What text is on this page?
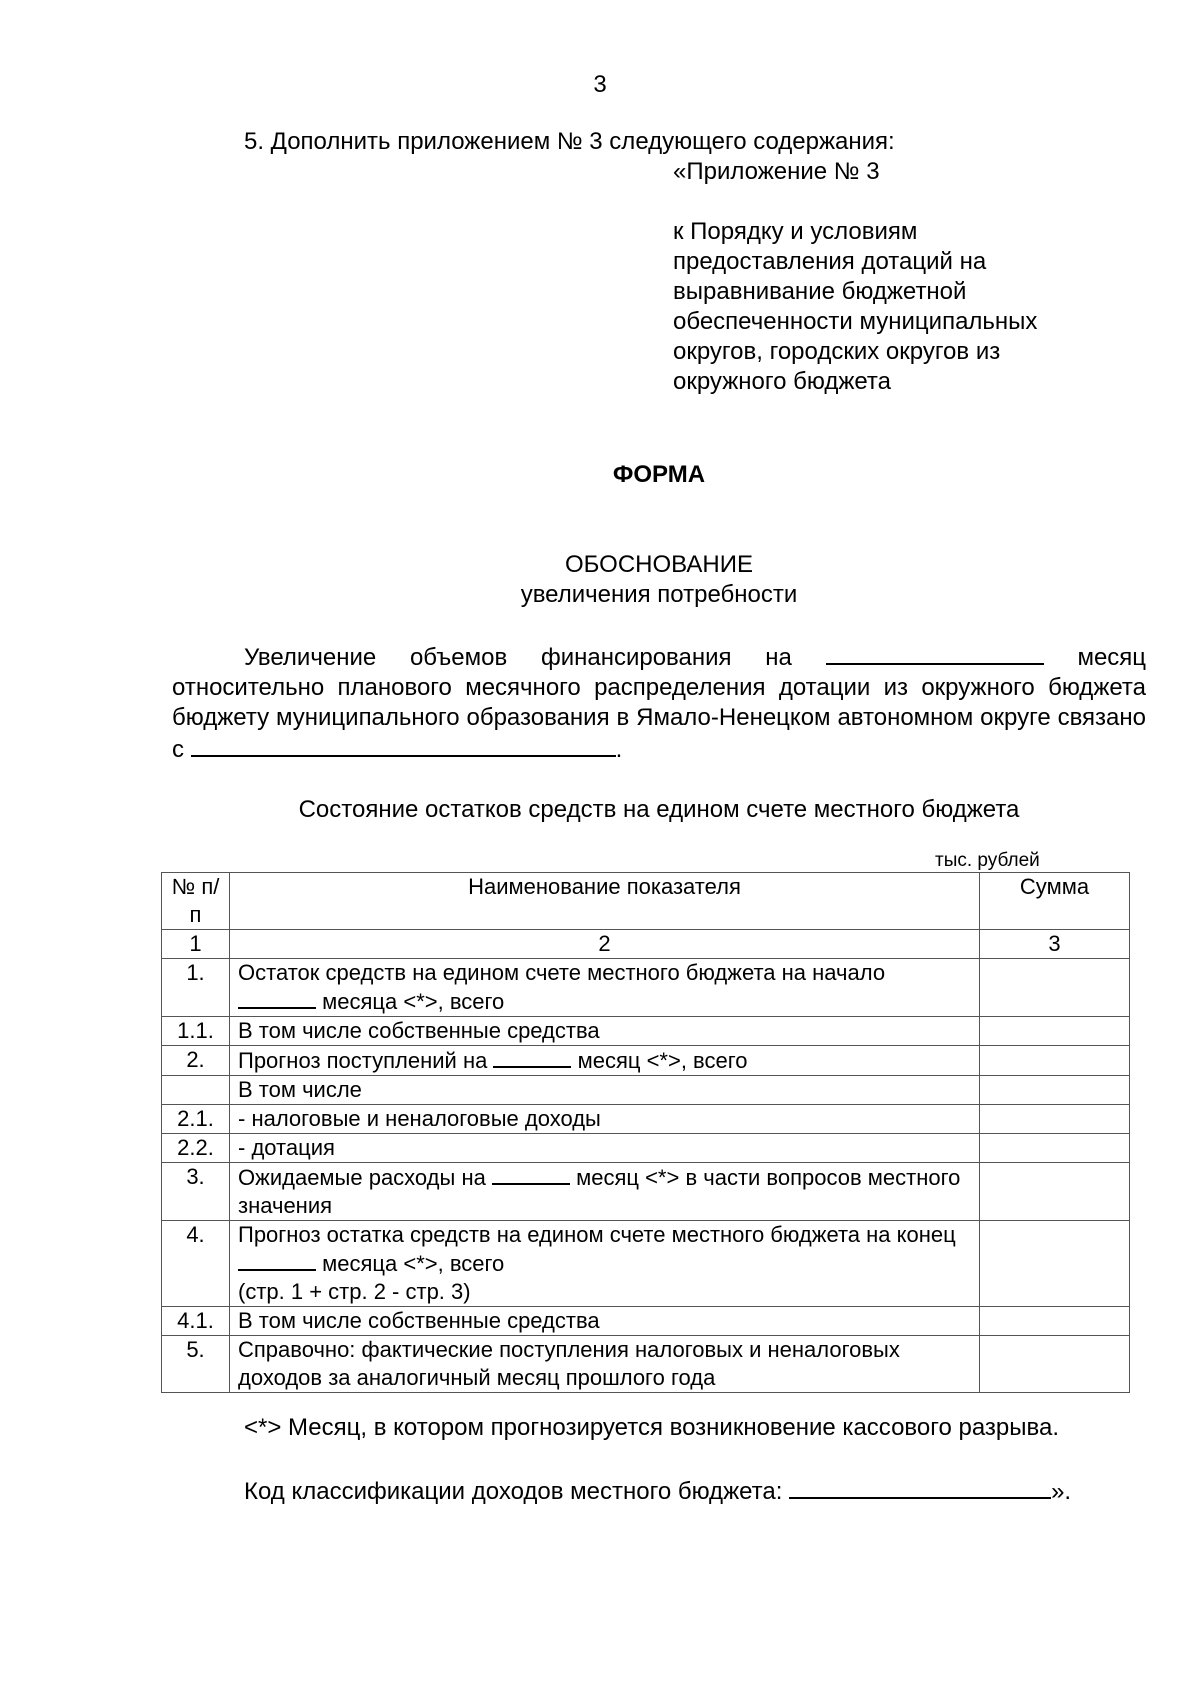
3
5. Дополнить приложением № 3 следующего содержания:
«Приложение № 3
к Порядку и условиям
предоставления дотаций на
выравнивание бюджетной
обеспеченности муниципальных
округов, городских округов из
окружного бюджета
ФОРМА
ОБОСНОВАНИЕ
увеличения потребности
Увеличение объемов финансирования на	месяц относительно планового месячного распределения дотации из окружного бюджета бюджету муниципального образования в Ямало-Ненецком автономном округе связано с	.
Состояние остатков средств на едином счете местного бюджета
тыс. рублей
№ п/п	Наименование показателя	Сумма
1	2	3
1.	Остаток средств на едином счете местного бюджета на начало
месяца <*>, всего	
1.1.	В том числе собственные средства	
2.	Прогноз поступлений на месяц <*>, всего	
	В том числе	
2.1.	- налоговые и неналоговые доходы	
2.2.	- дотация	
3.	Ожидаемые расходы на месяц <*> в части вопросов местного значения	
4.	Прогноз остатка средств на едином счете местного бюджета на конец  месяца <*>, всего
(стр. 1 + стр. 2 - стр. 3)	
4.1.	В том числе собственные средства	
5.	Справочно: фактические поступления налоговых и неналоговых доходов за аналогичный месяц прошлого года	
<*> Месяц, в котором прогнозируется возникновение кассового разрыва.
Код классификации доходов местного бюджета:	».
